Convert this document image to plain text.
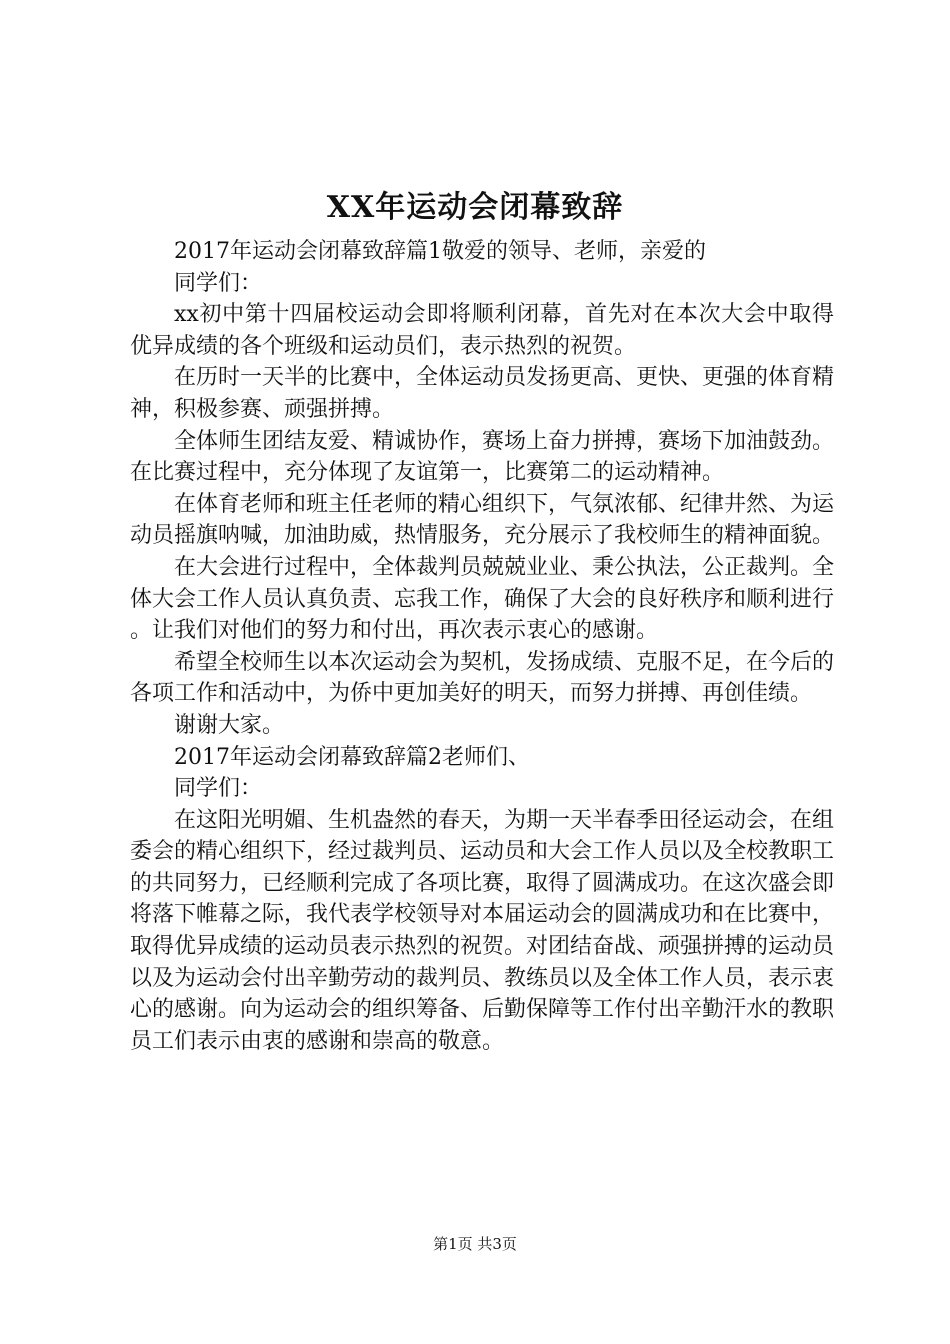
XX年运动会闭幕致辞

2017年运动会闭幕致辞篇1敬爱的领导、老师，亲爱的

同学们：

xx初中第十四届校运动会即将顺利闭幕，首先对在本次大会中取得优异成绩的各个班级和运动员们，表示热烈的祝贺。

在历时一天半的比赛中，全体运动员发扬更高、更快、更强的体育精神，积极参赛、顽强拼搏。

全体师生团结友爱、精诚协作，赛场上奋力拼搏，赛场下加油鼓劲。在比赛过程中，充分体现了友谊第一，比赛第二的运动精神。

在体育老师和班主任老师的精心组织下，气氛浓郁、纪律井然、为运动员摇旗呐喊，加油助威，热情服务，充分展示了我校师生的精神面貌。

在大会进行过程中，全体裁判员兢兢业业、秉公执法，公正裁判。全体大会工作人员认真负责、忘我工作，确保了大会的良好秩序和顺利进行。让我们对他们的努力和付出，再次表示衷心的感谢。

希望全校师生以本次运动会为契机，发扬成绩、克服不足，在今后的各项工作和活动中，为侨中更加美好的明天，而努力拼搏、再创佳绩。

谢谢大家。

2017年运动会闭幕致辞篇2老师们、

同学们：

在这阳光明媚、生机盎然的春天，为期一天半春季田径运动会，在组委会的精心组织下，经过裁判员、运动员和大会工作人员以及全校教职工的共同努力，已经顺利完成了各项比赛，取得了圆满成功。在这次盛会即将落下帷幕之际，我代表学校领导对本届运动会的圆满成功和在比赛中，取得优异成绩的运动员表示热烈的祝贺。对团结奋战、顽强拼搏的运动员以及为运动会付出辛勤劳动的裁判员、教练员以及全体工作人员，表示衷心的感谢。向为运动会的组织筹备、后勤保障等工作付出辛勤汗水的教职员工们表示由衷的感谢和崇高的敬意。

第1页 共3页
